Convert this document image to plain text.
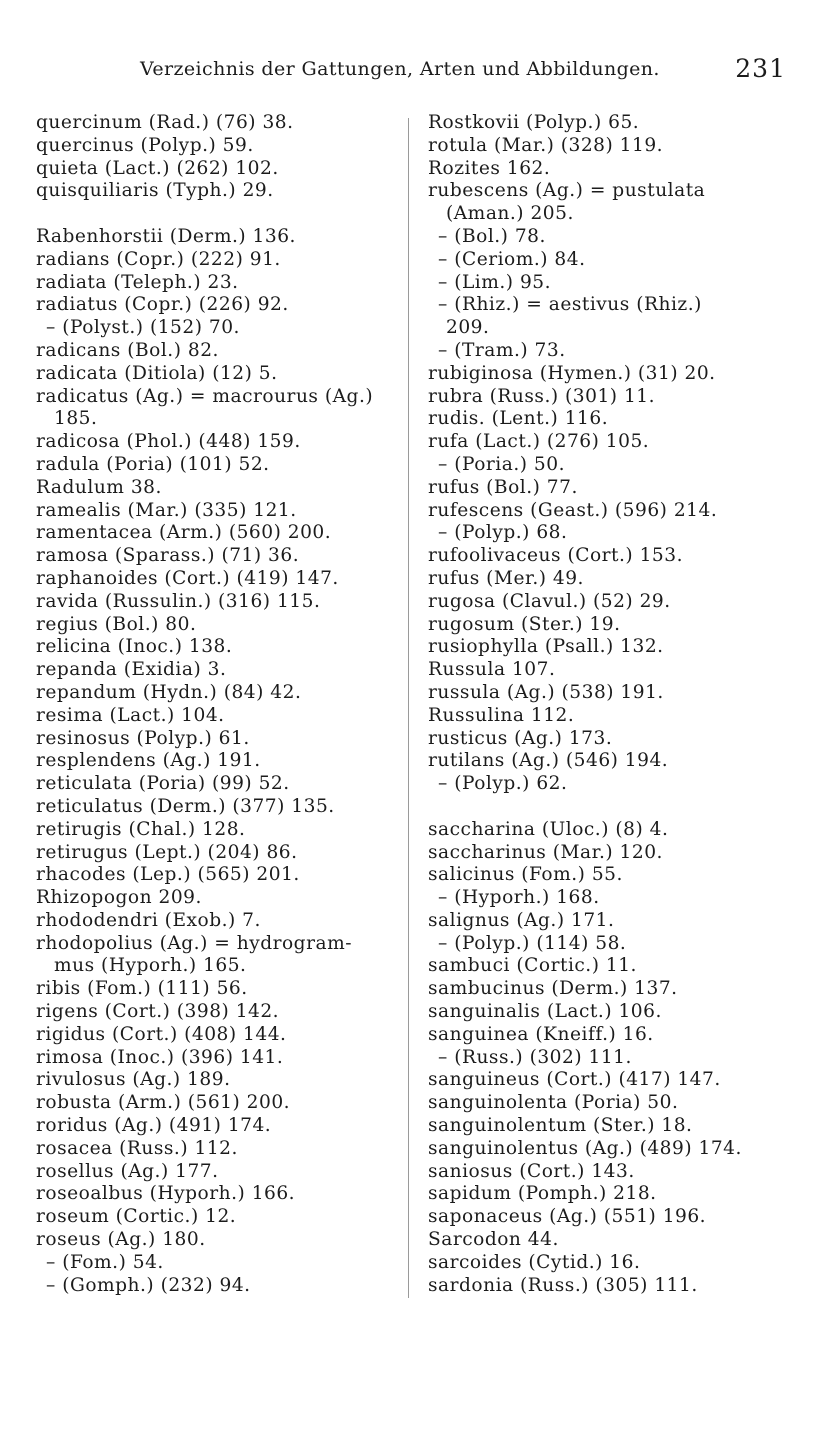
Verzeichnis der Gattungen, Arten und Abbildungen.	231
quercinum (Rad.) (76) 38.
quercinus (Polyp.) 59.
quieta (Lact.) (262) 102.
quisquiliaris (Typh.) 29.
Rabenhorstii (Derm.) 136.
radians (Copr.) (222) 91.
radiata (Teleph.) 23.
radiatus (Copr.) (226) 92.
– (Polyst.) (152) 70.
radicans (Bol.) 82.
radicata (Ditiola) (12) 5.
radicatus (Ag.) = macrourus (Ag.)
185.
radicosa (Phol.) (448) 159.
radula (Poria) (101) 52.
Radulum 38.
ramealis (Mar.) (335) 121.
ramentacea (Arm.) (560) 200.
ramosa (Sparass.) (71) 36.
raphanoides (Cort.) (419) 147.
ravida (Russulin.) (316) 115.
regius (Bol.) 80.
relicina (Inoc.) 138.
repanda (Exidia) 3.
repandum (Hydn.) (84) 42.
resima (Lact.) 104.
resinosus (Polyp.) 61.
resplendens (Ag.) 191.
reticulata (Poria) (99) 52.
reticulatus (Derm.) (377) 135.
retirugis (Chal.) 128.
retirugus (Lept.) (204) 86.
rhacodes (Lep.) (565) 201.
Rhizopogon 209.
rhododendri (Exob.) 7.
rhodopolius (Ag.) = hydrogram-
mus (Hyporh.) 165.
ribis (Fom.) (111) 56.
rigens (Cort.) (398) 142.
rigidus (Cort.) (408) 144.
rimosa (Inoc.) (396) 141.
rivulosus (Ag.) 189.
robusta (Arm.) (561) 200.
roridus (Ag.) (491) 174.
rosacea (Russ.) 112.
rosellus (Ag.) 177.
roseoalbus (Hyporh.) 166.
roseum (Cortic.) 12.
roseus (Ag.) 180.
– (Fom.) 54.
– (Gomph.) (232) 94.
Rostkovii (Polyp.) 65.
rotula (Mar.) (328) 119.
Rozites 162.
rubescens (Ag.) = pustulata
(Aman.) 205.
– (Bol.) 78.
– (Ceriom.) 84.
– (Lim.) 95.
– (Rhiz.) = aestivus (Rhiz.)
209.
– (Tram.) 73.
rubiginosa (Hymen.) (31) 20.
rubra (Russ.) (301) 11.
rudis. (Lent.) 116.
rufa (Lact.) (276) 105.
– (Poria.) 50.
rufus (Bol.) 77.
rufescens (Geast.) (596) 214.
– (Polyp.) 68.
rufoolivaceus (Cort.) 153.
rufus (Mer.) 49.
rugosa (Clavul.) (52) 29.
rugosum (Ster.) 19.
rusiophylla (Psall.) 132.
Russula 107.
russula (Ag.) (538) 191.
Russulina 112.
rusticus (Ag.) 173.
rutilans (Ag.) (546) 194.
– (Polyp.) 62.
saccharina (Uloc.) (8) 4.
saccharinus (Mar.) 120.
salicinus (Fom.) 55.
– (Hyporh.) 168.
salignus (Ag.) 171.
– (Polyp.) (114) 58.
sambuci (Cortic.) 11.
sambucinus (Derm.) 137.
sanguinalis (Lact.) 106.
sanguinea (Kneiff.) 16.
– (Russ.) (302) 111.
sanguineus (Cort.) (417) 147.
sanguinolenta (Poria) 50.
sanguinolentum (Ster.) 18.
sanguinolentus (Ag.) (489) 174.
saniosus (Cort.) 143.
sapidum (Pomph.) 218.
saponaceus (Ag.) (551) 196.
Sarcodon 44.
sarcoides (Cytid.) 16.
sardonia (Russ.) (305) 111.
